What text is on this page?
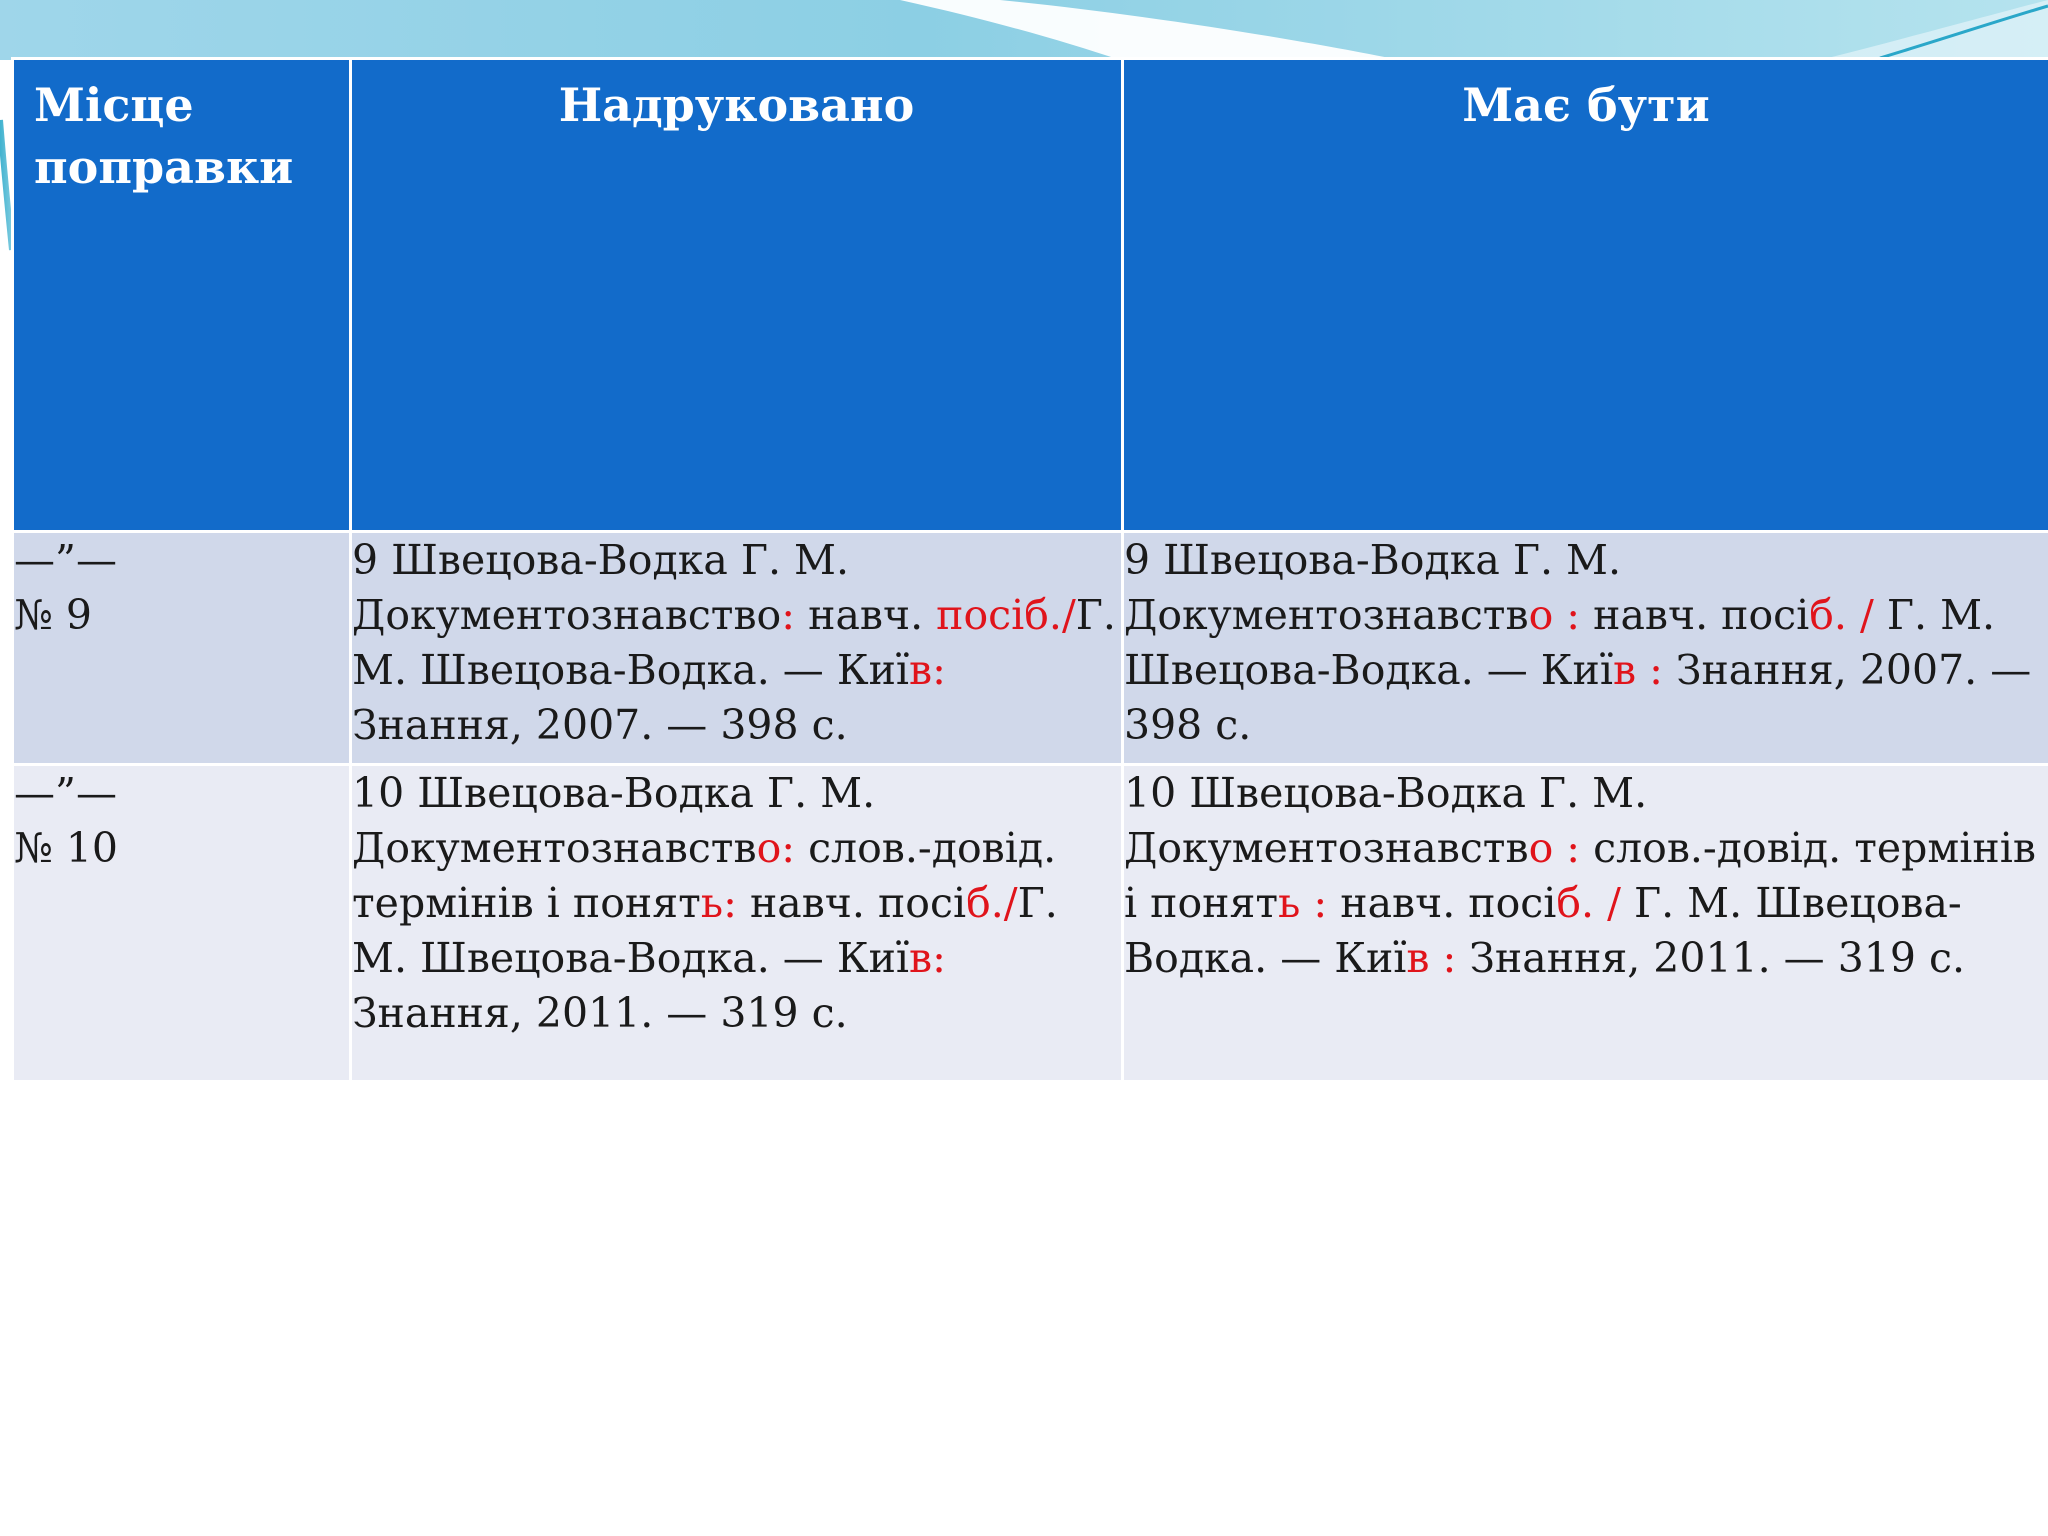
Місце поправки	Надруковано	Має бути

—”—
№ 9	9 Швецова-Водка Г. М. Документознавство: навч. посіб./Г. М. Швецова-Водка. — Київ: Знання, 2007. — 398 с.	9 Швецова-Водка Г. М. Документознавство : навч. посіб. / Г. М. Швецова-Водка. — Київ : Знання, 2007. — 398 с.

—”—
№ 10	10 Швецова-Водка Г. М. Документознавство: слов.-довід. термінів і понять: навч. посіб./Г. М. Швецова-Водка. — Київ: Знання, 2011. — 319 с.	10 Швецова-Водка Г. М. Документознавство : слов.-довід. термінів і понять : навч. посіб. / Г. М. Швецова-Водка. — Київ : Знання, 2011. — 319 с.
